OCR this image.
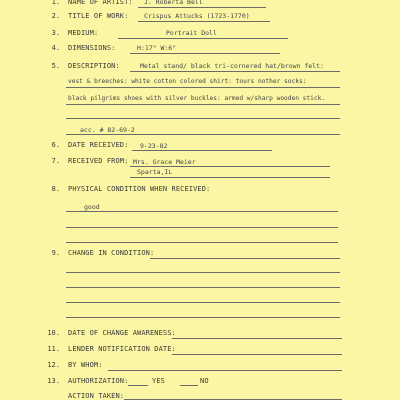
1. NAME OF ARTIST: J. Roberta Bell
2. TITLE OF WORK: Crispus Attucks (1723-1770)
3. MEDIUM:	Portrait Doll
4. DIMENSIONS:	H:17" W:6"
5. DESCRIPTION:	Metal stand/ black tri-cornered hat/brown felt:
vest & breeches: white cotton colored shirt: tours nother socks:
black pilgrims shoes with silver buckles: armed w/sharp wooden stick.
acc. # 82-69-2
6. DATE RECEIVED: 9-23-82
7. RECEIVED FROM: Mrs. Grace Meier
Sparta,IL
8. PHYSICAL CONDITION WHEN RECEIVED:
good
9. CHANGE IN CONDITION:
10. DATE OF CHANGE AWARENESS:
11. LENDER NOTIFICATION DATE:
12. BY WHOM:
13. AUTHORIZATION:	YES	NO
ACTION TAKEN:
